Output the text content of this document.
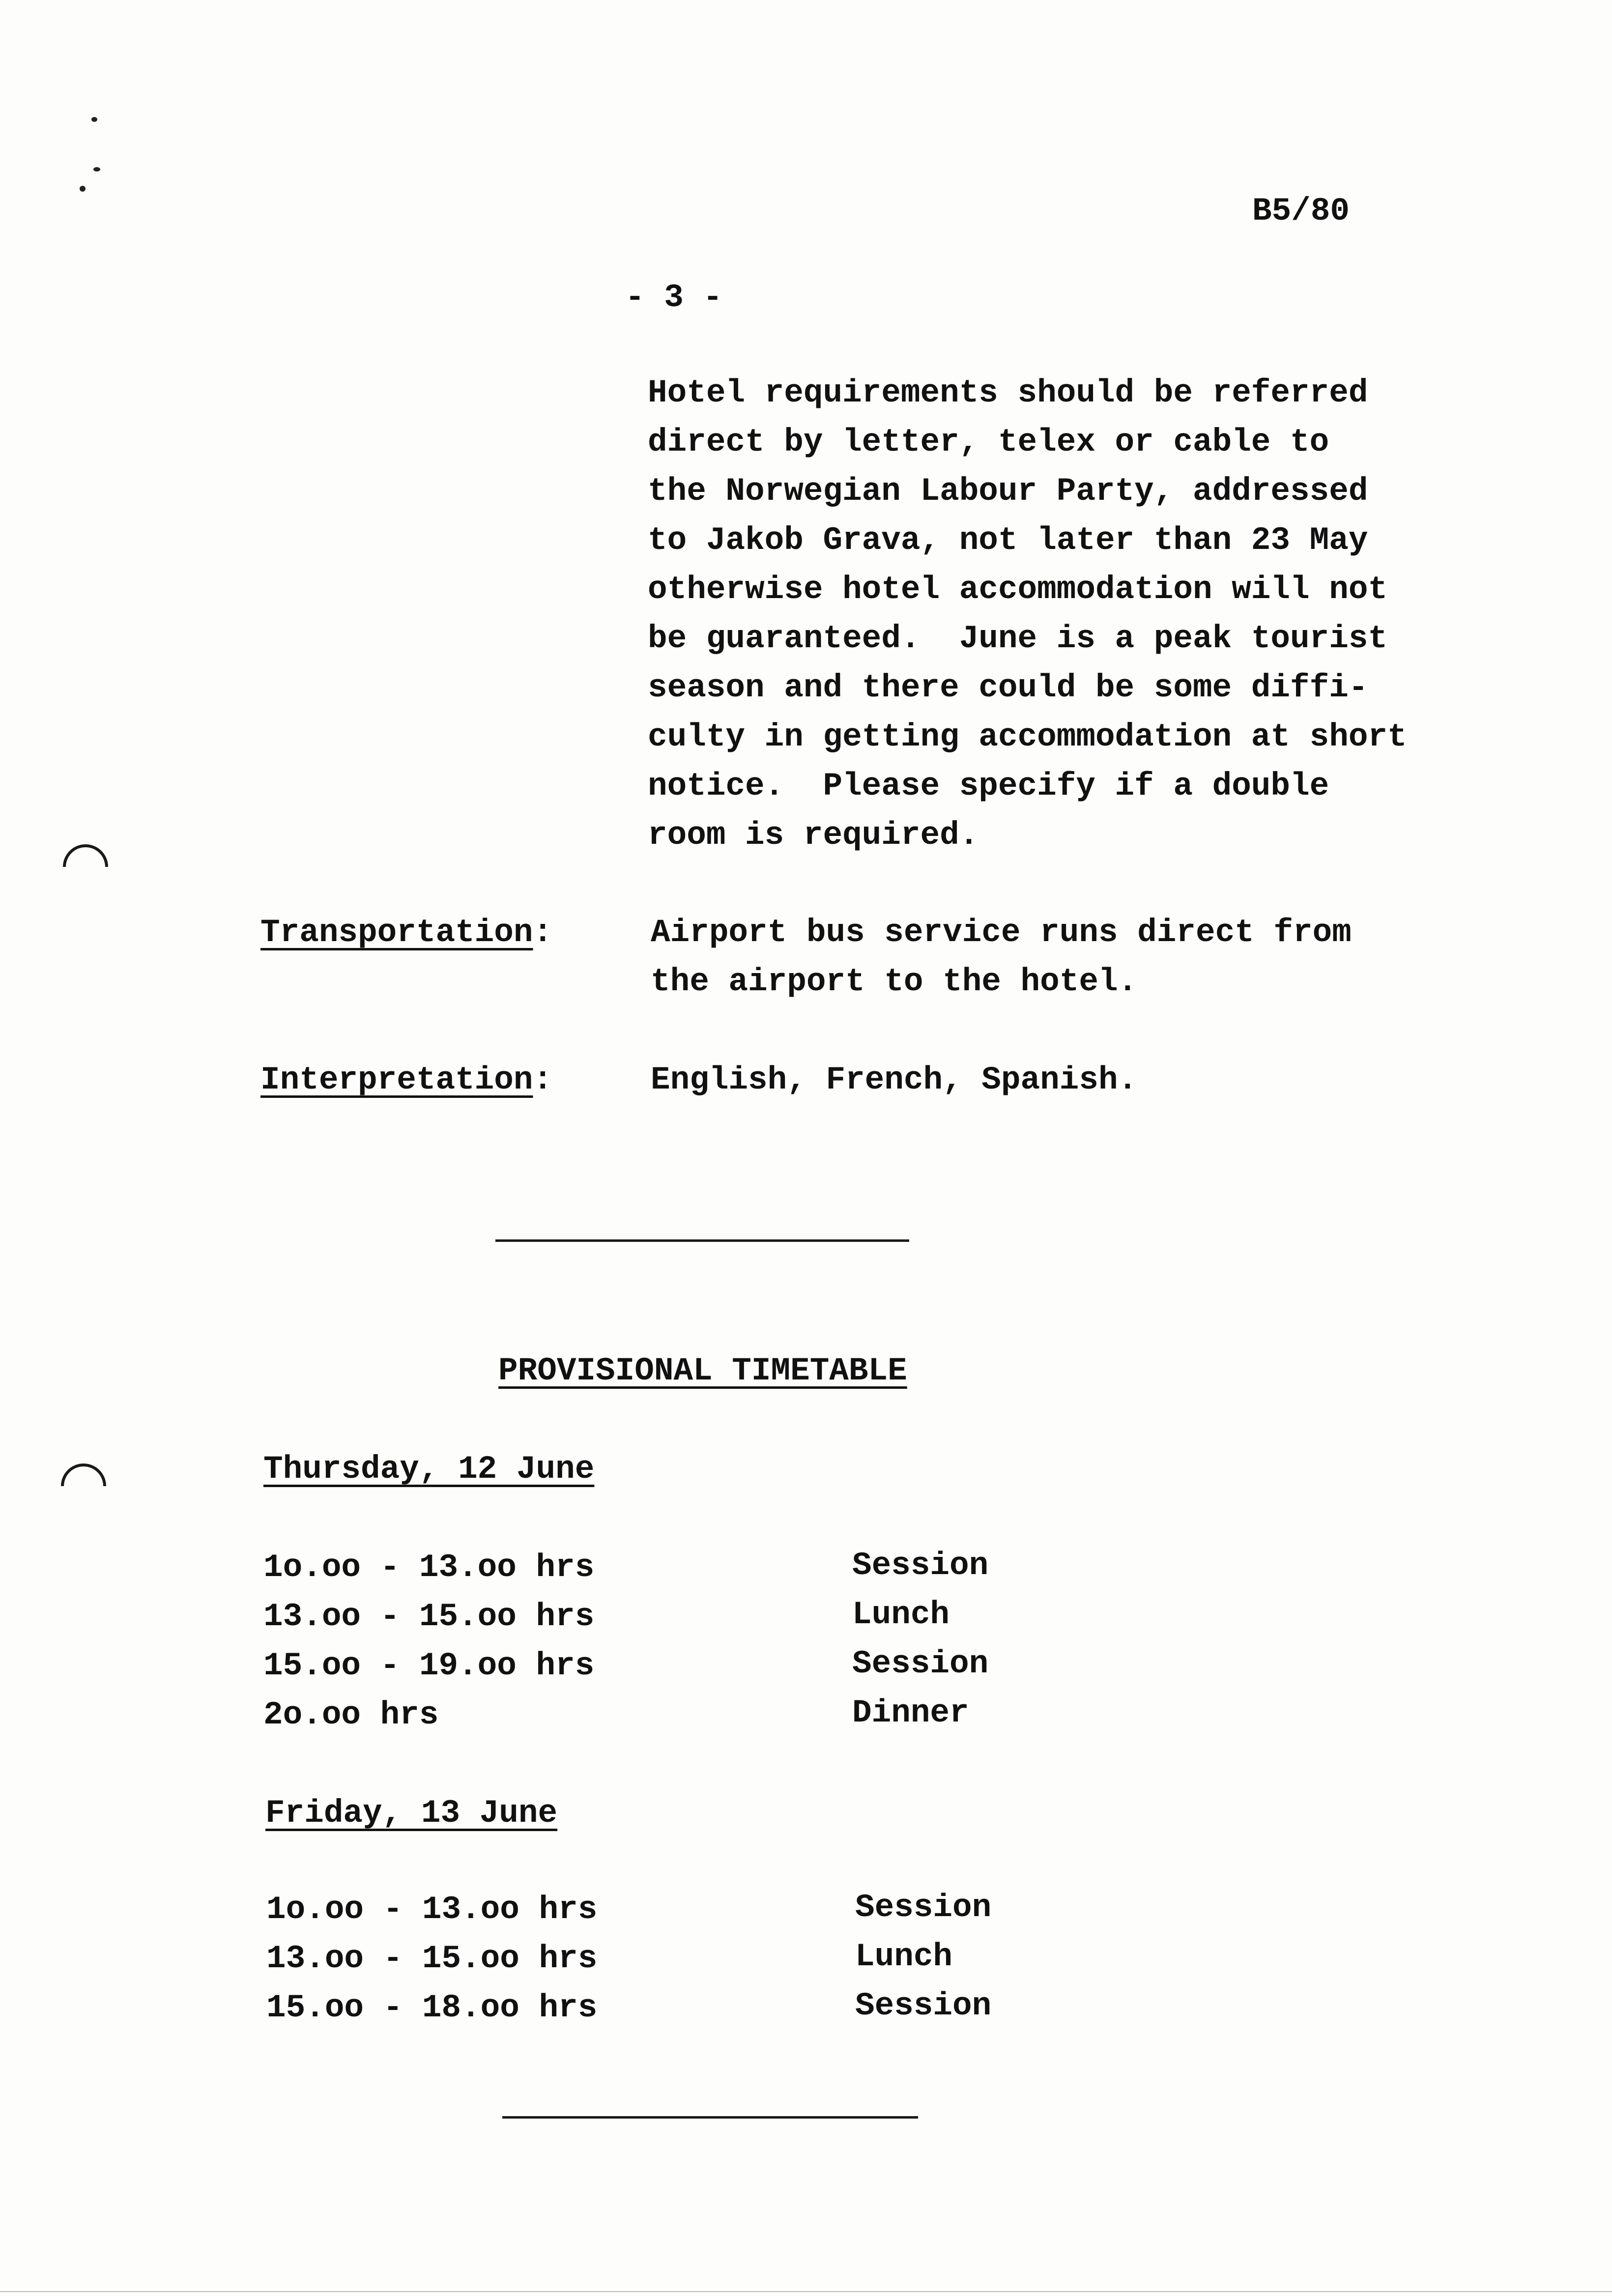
B5/80
- 3 -
Hotel requirements should be referred
direct by letter, telex or cable to
the Norwegian Labour Party, addressed
to Jakob Grava, not later than 23 May
otherwise hotel accommodation will not
be guaranteed.  June is a peak tourist
season and there could be some diffi-
culty in getting accommodation at short
notice.  Please specify if a double
room is required.
Transportation:	Airport bus service runs direct from
the airport to the hotel.
Interpretation:	English, French, Spanish.
PROVISIONAL TIMETABLE
Thursday, 12 June
1o.oo - 13.oo hrs	Session
13.oo - 15.oo hrs	Lunch
15.oo - 19.oo hrs	Session
2o.oo hrs	Dinner
Friday, 13 June
1o.oo - 13.oo hrs	Session
13.oo - 15.oo hrs	Lunch
15.oo - 18.oo hrs	Session
